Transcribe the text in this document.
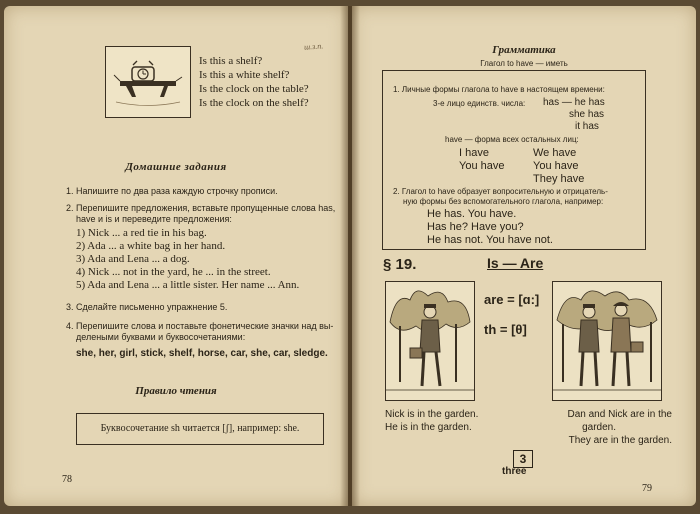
Is this a shelf?
Is this a white shelf?
Is the clock on the table?
Is the clock on the shelf?
ш.з.п.
Домашние задания
1. Напишите по два раза каждую строчку прописи.
2. Перепишите предложения, вставьте пропущенные слова has,
have и is и переведите предложения:
1) Nick ... a red tie in his bag.
2) Ada ... a white bag in her hand.
3) Ada and Lena ... a dog.
4) Nick ... not in the yard, he ... in the street.
5) Ada and Lena ... a little sister. Her name ... Ann.
3. Сделайте письменно упражнение 5.
4. Перепишите слова и поставьте фонетические значки над вы-
делеными буквами и буквосочетаниями:
she, her, girl, stick, shelf, horse, car, she, car, sledge.
Правило чтения
Буквосочетание sh читается [ʃ], например: she.
78
Грамматика
Глагол to have — иметь
1. Личные формы глагола to have в настоящем времени:
3-е лицо единств. числа: has — he has
she has
it has
have — форма всех остальных лиц:
I have
You have
We have
You have
They have
2. Глагол to have образует вопросительную и отрицатель-
ную формы без вспомогательного глагола, например:
He has. You have.
Has he? Have you?
He has not. You have not.
§ 19.	Is — Are
are = [ɑ:]
th = [θ]
Nick is in the garden.
He is in the garden.
Dan and Nick are in the
garden.
They are in the garden.
3
three
79
